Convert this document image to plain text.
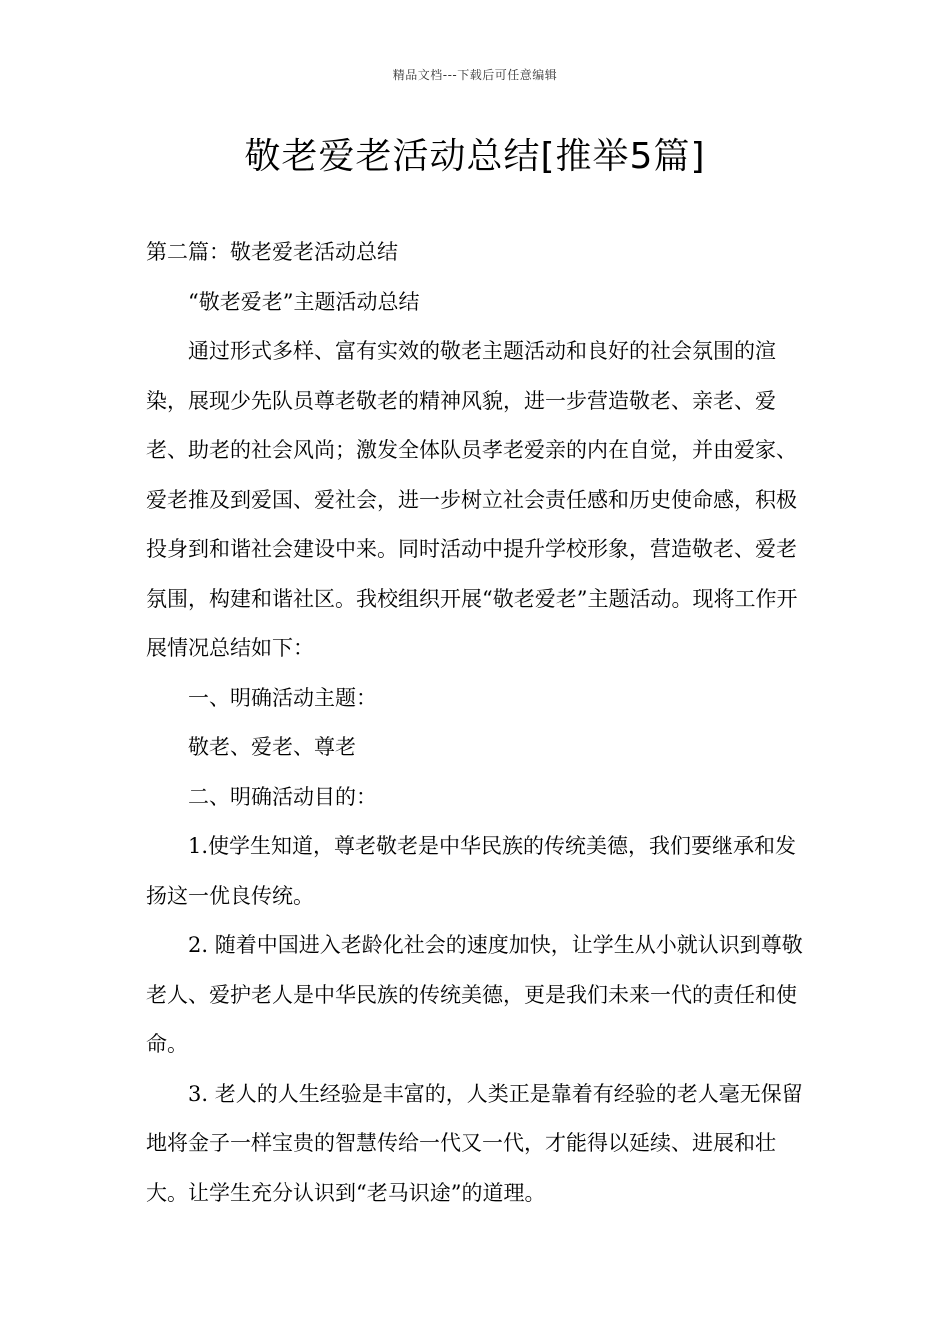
精品文档---下载后可任意编辑
敬老爱老活动总结[推举5篇]

第二篇：敬老爱老活动总结

“敬老爱老”主题活动总结

通过形式多样、富有实效的敬老主题活动和良好的社会氛围的渲染，展现少先队员尊老敬老的精神风貌，进一步营造敬老、亲老、爱老、助老的社会风尚；激发全体队员孝老爱亲的内在自觉，并由爱家、爱老推及到爱国、爱社会，进一步树立社会责任感和历史使命感，积极投身到和谐社会建设中来。同时活动中提升学校形象，营造敬老、爱老氛围，构建和谐社区。我校组织开展“敬老爱老”主题活动。现将工作开展情况总结如下：

一、明确活动主题：

敬老、爱老、尊老

二、明确活动目的：

1.使学生知道，尊老敬老是中华民族的传统美德，我们要继承和发扬这一优良传统。

2. 随着中国进入老龄化社会的速度加快，让学生从小就认识到尊敬老人、爱护老人是中华民族的传统美德，更是我们未来一代的责任和使命。

3. 老人的人生经验是丰富的，人类正是靠着有经验的老人毫无保留地将金子一样宝贵的智慧传给一代又一代，才能得以延续、进展和壮大。让学生充分认识到“老马识途”的道理。
